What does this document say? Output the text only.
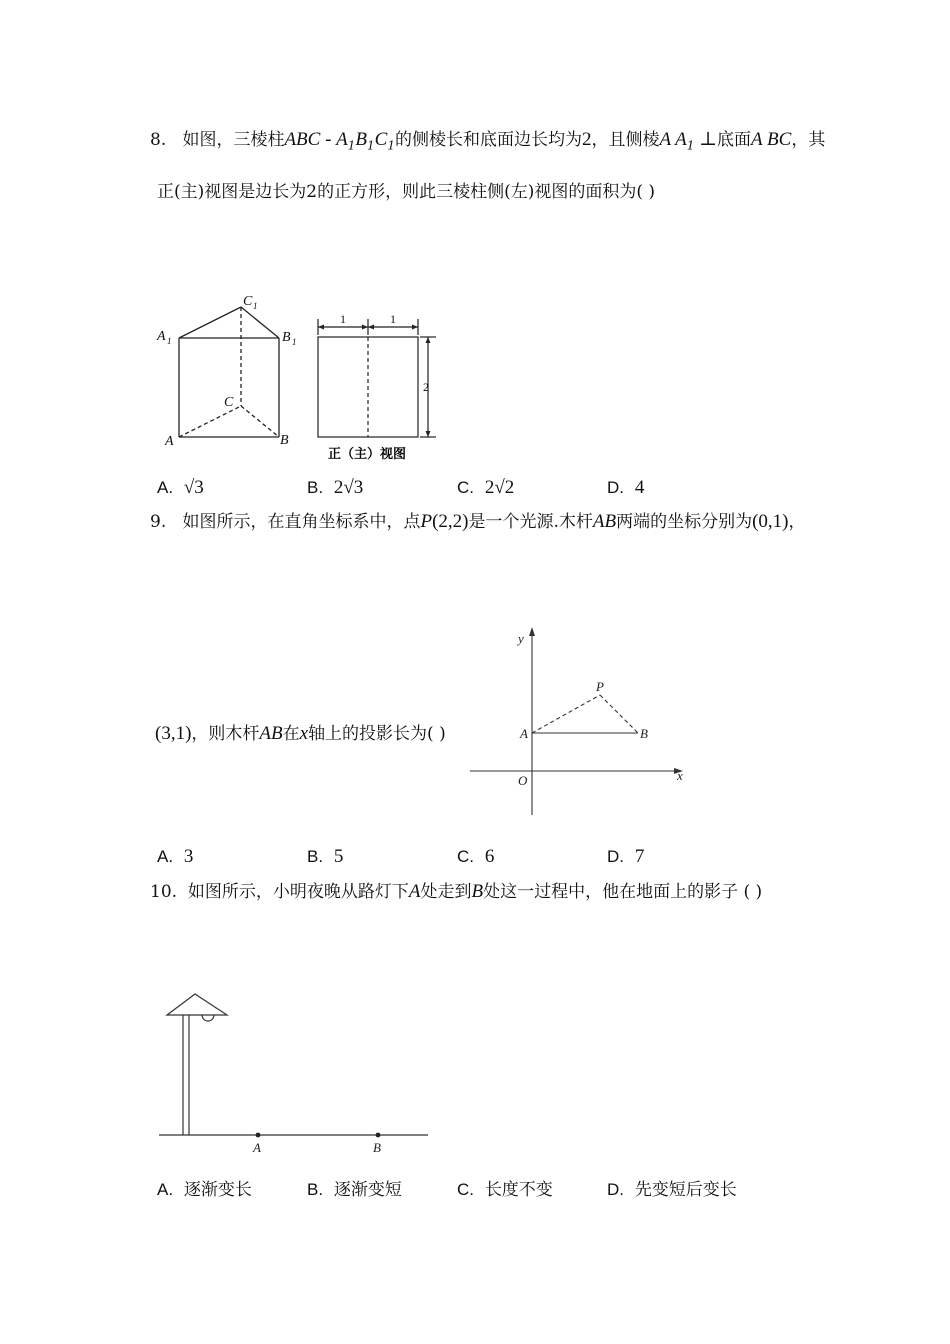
8. 如图，三棱柱ABC - $A_1B_1C_1$的侧棱长和底面边长均为2，且侧棱A $A_1$ ⊥底面A BC，其
正(主)视图是边长为2的正方形，则此三棱柱侧(左)视图的面积为( )
C 1
A 1	B 1
C
A	B
1	1
2
正（主）视图
A. √3	B. 2√3	C. 2√2	D. 4
9. 如图所示，在直角坐标系中，点P(2,2)是一个光源.木杆AB两端的坐标分别为(0,1)，
(3,1)，则木杆AB在x轴上的投影长为( )
y
x
P
A	B
O
A. 3	B. 5	C. 6	D. 7
10. 如图所示，小明夜晚从路灯下A处走到B处这一过程中，他在地面上的影子 ( )
A	B
A. 逐渐变长	B. 逐渐变短	C. 长度不变	D. 先变短后变长
